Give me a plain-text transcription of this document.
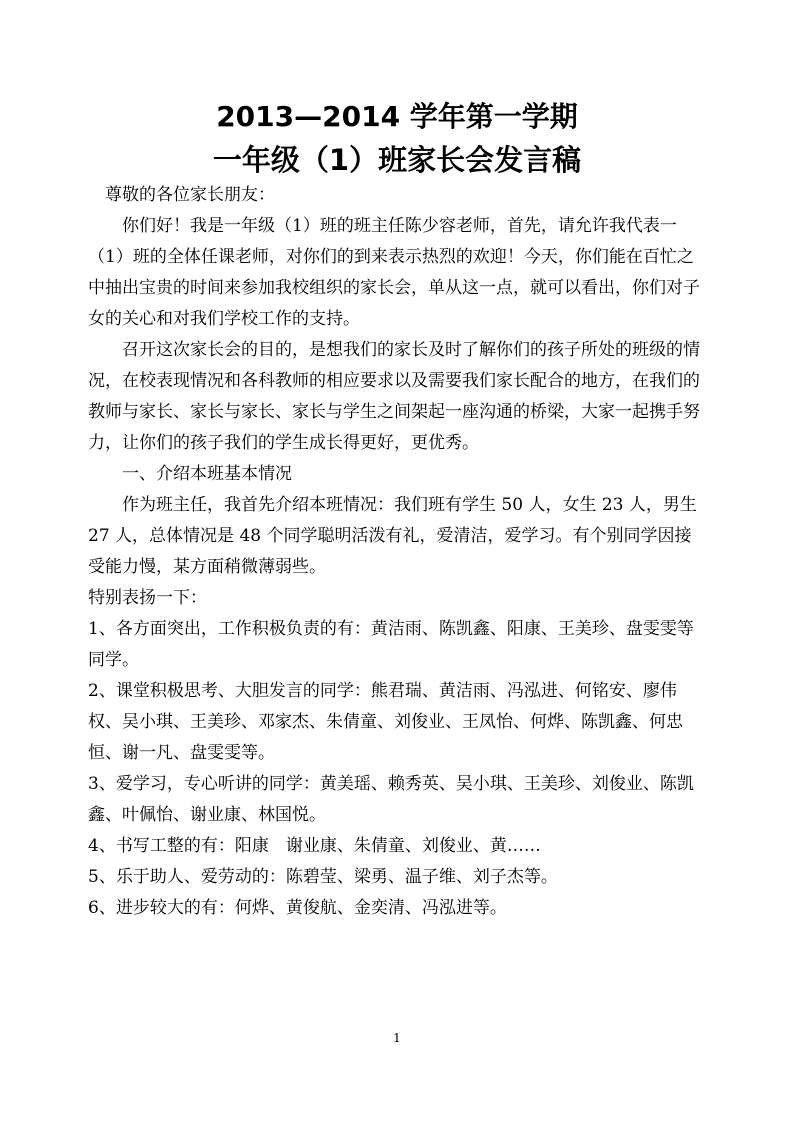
2013—2014 学年第一学期
一年级（1）班家长会发言稿

尊敬的各位家长朋友：

你们好！我是一年级（1）班的班主任陈少容老师，首先，请允许我代表一（1）班的全体任课老师，对你们的到来表示热烈的欢迎！今天，你们能在百忙之中抽出宝贵的时间来参加我校组织的家长会，单从这一点，就可以看出，你们对子女的关心和对我们学校工作的支持。

召开这次家长会的目的，是想我们的家长及时了解你们的孩子所处的班级的情况，在校表现情况和各科教师的相应要求以及需要我们家长配合的地方，在我们的教师与家长、家长与家长、家长与学生之间架起一座沟通的桥梁，大家一起携手努力，让你们的孩子我们的学生成长得更好，更优秀。

一、介绍本班基本情况

作为班主任，我首先介绍本班情况：我们班有学生 50 人，女生 23 人，男生 27 人，总体情况是 48 个同学聪明活泼有礼，爱清洁，爱学习。有个别同学因接受能力慢，某方面稍微薄弱些。

特别表扬一下：

1、各方面突出，工作积极负责的有：黄洁雨、陈凯鑫、阳康、王美珍、盘雯雯等同学。

2、课堂积极思考、大胆发言的同学：熊君瑞、黄洁雨、冯泓进、何铭安、廖伟权、吴小琪、王美珍、邓家杰、朱倩童、刘俊业、王凤怡、何烨、陈凯鑫、何忠恒、谢一凡、盘雯雯等。

3、爱学习，专心听讲的同学：黄美瑶、赖秀英、吴小琪、王美珍、刘俊业、陈凯鑫、叶佩怡、谢业康、林国悦。

4、书写工整的有：阳康　谢业康、朱倩童、刘俊业、黄……

5、乐于助人、爱劳动的：陈碧莹、梁勇、温子维、刘子杰等。

6、进步较大的有：何烨、黄俊航、金奕清、冯泓进等。

1
